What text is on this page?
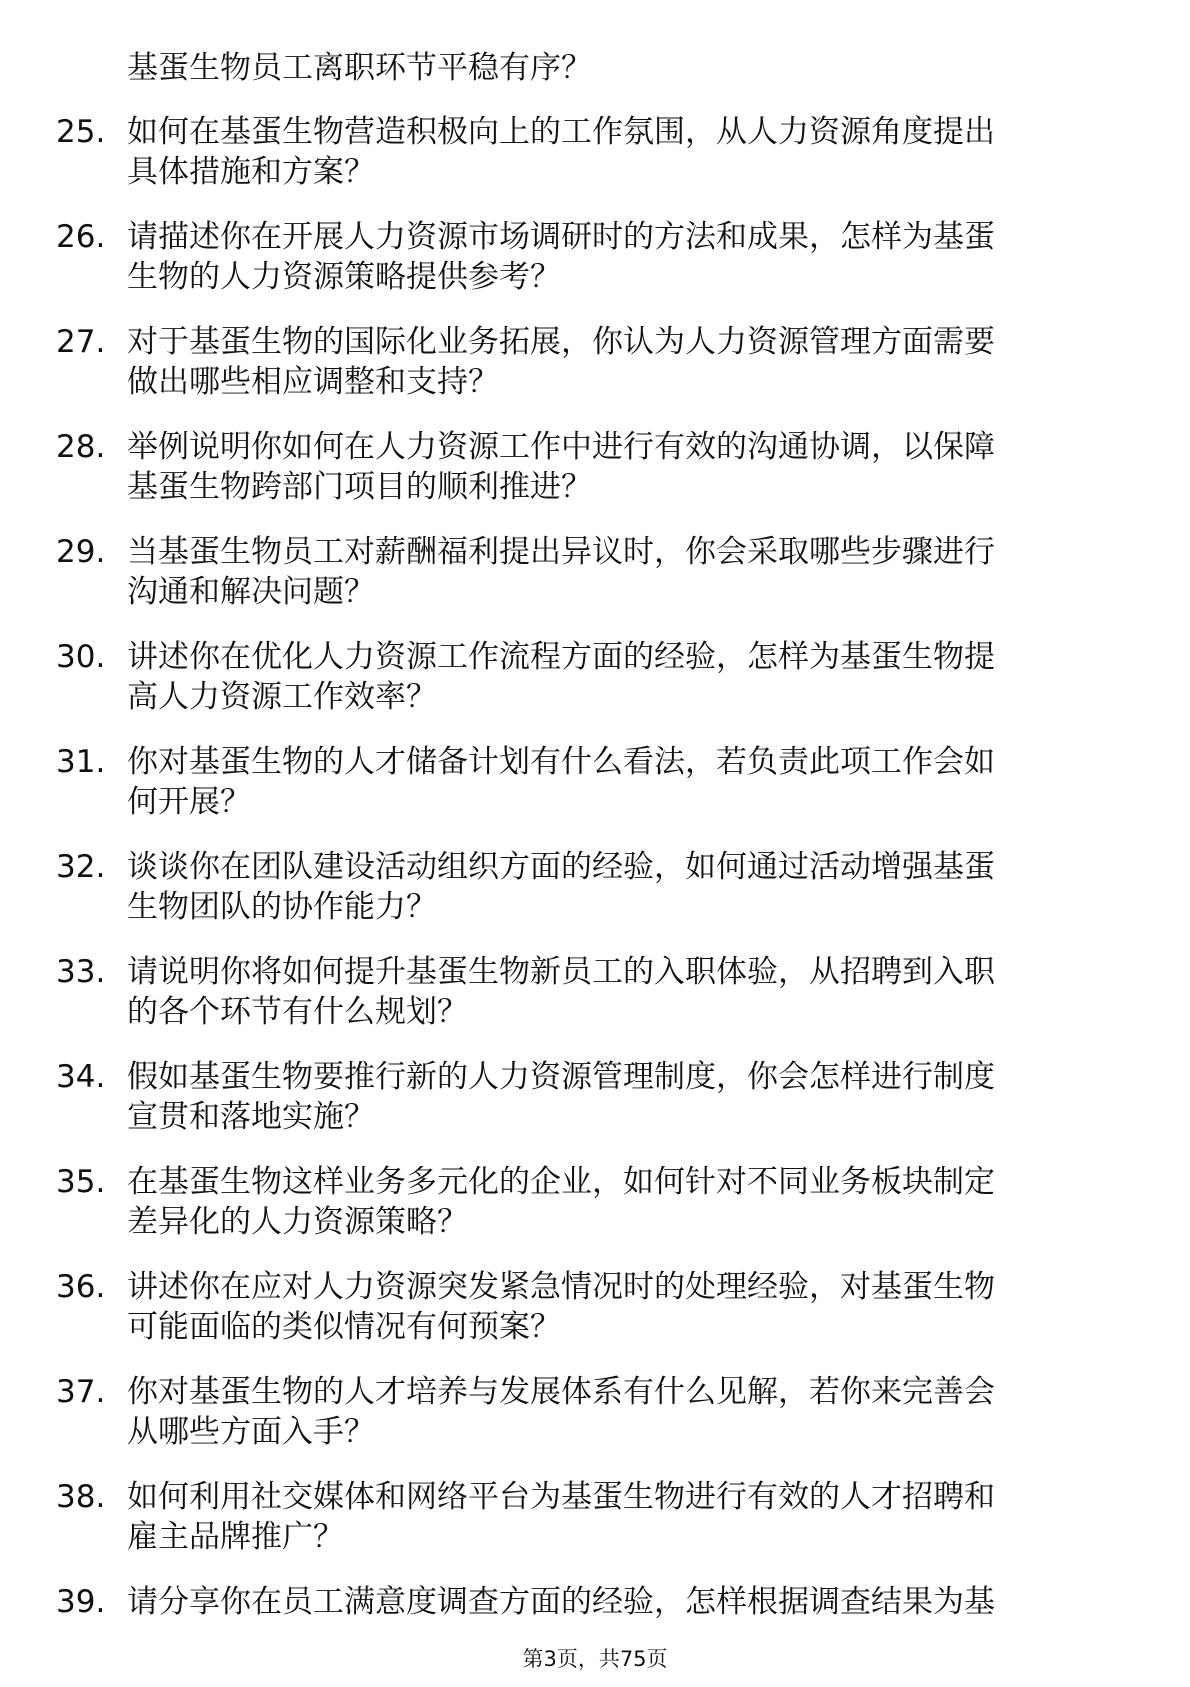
基蛋生物员工离职环节平稳有序？
25. 如何在基蛋生物营造积极向上的工作氛围，从人力资源角度提出
具体措施和方案？
26. 请描述你在开展人力资源市场调研时的方法和成果，怎样为基蛋
生物的人力资源策略提供参考？
27. 对于基蛋生物的国际化业务拓展，你认为人力资源管理方面需要
做出哪些相应调整和支持？
28. 举例说明你如何在人力资源工作中进行有效的沟通协调，以保障
基蛋生物跨部门项目的顺利推进？
29. 当基蛋生物员工对薪酬福利提出异议时，你会采取哪些步骤进行
沟通和解决问题？
30. 讲述你在优化人力资源工作流程方面的经验，怎样为基蛋生物提
高人力资源工作效率？
31. 你对基蛋生物的人才储备计划有什么看法，若负责此项工作会如
何开展？
32. 谈谈你在团队建设活动组织方面的经验，如何通过活动增强基蛋
生物团队的协作能力？
33. 请说明你将如何提升基蛋生物新员工的入职体验，从招聘到入职
的各个环节有什么规划？
34. 假如基蛋生物要推行新的人力资源管理制度，你会怎样进行制度
宣贯和落地实施？
35. 在基蛋生物这样业务多元化的企业，如何针对不同业务板块制定
差异化的人力资源策略？
36. 讲述你在应对人力资源突发紧急情况时的处理经验，对基蛋生物
可能面临的类似情况有何预案？
37. 你对基蛋生物的人才培养与发展体系有什么见解，若你来完善会
从哪些方面入手？
38. 如何利用社交媒体和网络平台为基蛋生物进行有效的人才招聘和
雇主品牌推广？
39. 请分享你在员工满意度调查方面的经验，怎样根据调查结果为基
第3页，共75页
